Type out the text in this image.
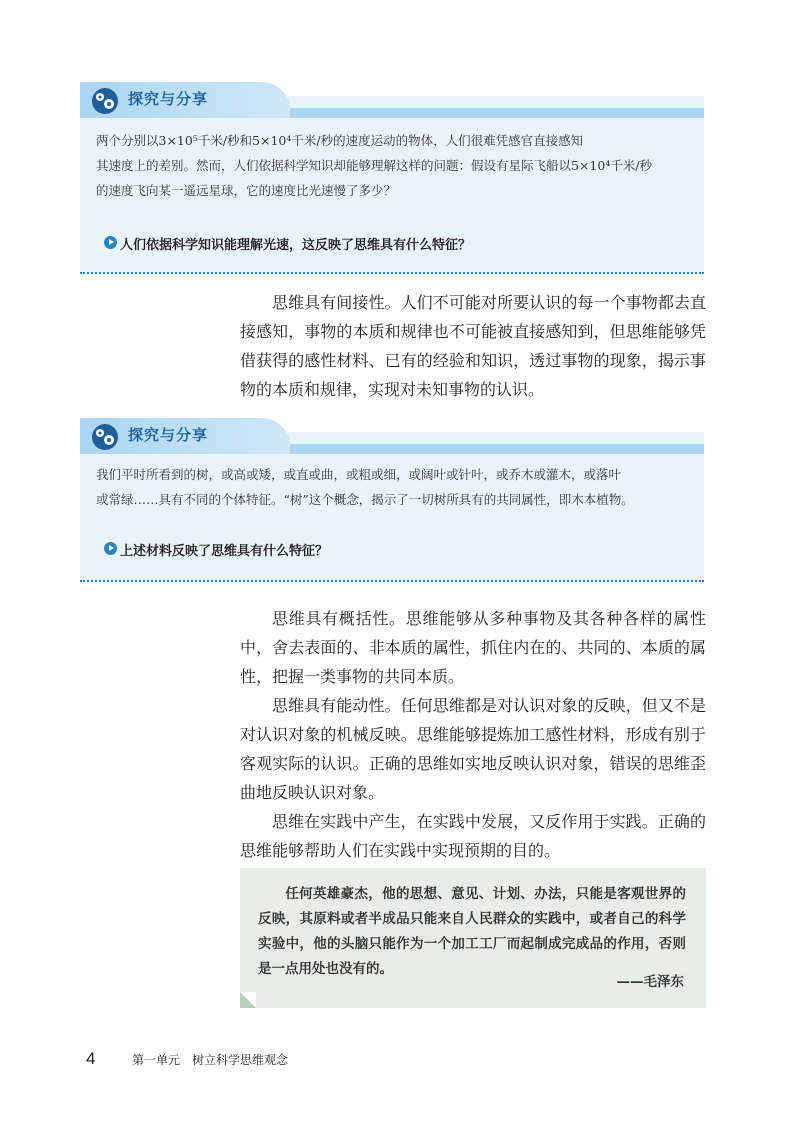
探究与分享
两个分别以3×10⁵千米/秒和5×10⁴千米/秒的速度运动的物体，人们很难凭感官直接感知
其速度上的差别。然而，人们依据科学知识却能够理解这样的问题：假设有星际飞船以5×10⁴千米/秒
的速度飞向某一遥远星球，它的速度比光速慢了多少？
人们依据科学知识能理解光速，这反映了思维具有什么特征？

思维具有间接性。人们不可能对所要认识的每一个事物都去直接感知，事物的本质和规律也不可能被直接感知到，但思维能够凭借获得的感性材料、已有的经验和知识，透过事物的现象，揭示事物的本质和规律，实现对未知事物的认识。

探究与分享
我们平时所看到的树，或高或矮，或直或曲，或粗或细，或阔叶或针叶，或乔木或灌木，或落叶
或常绿……具有不同的个体特征。“树”这个概念，揭示了一切树所具有的共同属性，即木本植物。
上述材料反映了思维具有什么特征？

思维具有概括性。思维能够从多种事物及其各种各样的属性中，舍去表面的、非本质的属性，抓住内在的、共同的、本质的属性，把握一类事物的共同本质。

思维具有能动性。任何思维都是对认识对象的反映，但又不是对认识对象的机械反映。思维能够提炼加工感性材料，形成有别于客观实际的认识。正确的思维如实地反映认识对象，错误的思维歪曲地反映认识对象。

思维在实践中产生，在实践中发展，又反作用于实践。正确的思维能够帮助人们在实践中实现预期的目的。

任何英雄豪杰，他的思想、意见、计划、办法，只能是客观世界的反映，其原料或者半成品只能来自人民群众的实践中，或者自己的科学实验中，他的头脑只能作为一个加工工厂而起制成完成品的作用，否则是一点用处也没有的。
——毛泽东
4	第一单元　树立科学思维观念
